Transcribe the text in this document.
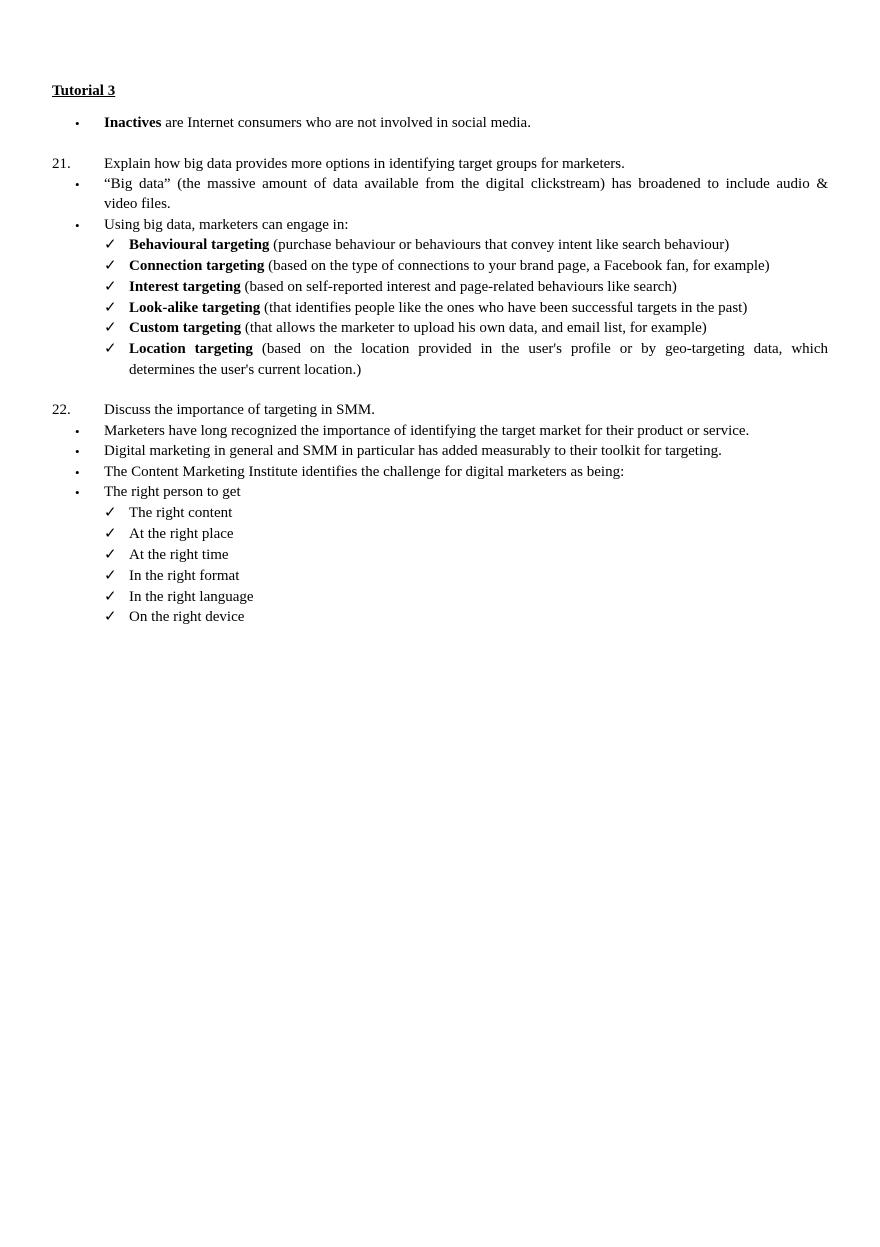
Tutorial 3
• Inactives are Internet consumers who are not involved in social media.
21. Explain how big data provides more options in identifying target groups for marketers.
• “Big data” (the massive amount of data available from the digital clickstream) has broadened to include audio &
video files.
• Using big data, marketers can engage in:
✓ Behavioural targeting (purchase behaviour or behaviours that convey intent like search behaviour)
✓ Connection targeting (based on the type of connections to your brand page, a Facebook fan, for example)
✓ Interest targeting (based on self-reported interest and page-related behaviours like search)
✓ Look-alike targeting (that identifies people like the ones who have been successful targets in the past)
✓ Custom targeting (that allows the marketer to upload his own data, and email list, for example)
✓ Location targeting (based on the location provided in the user's profile or by geo-targeting data, which
determines the user's current location.)
22. Discuss the importance of targeting in SMM.
• Marketers have long recognized the importance of identifying the target market for their product or service.
• Digital marketing in general and SMM in particular has added measurably to their toolkit for targeting.
• The Content Marketing Institute identifies the challenge for digital marketers as being:
• The right person to get
✓ The right content
✓ At the right place
✓ At the right time
✓ In the right format
✓ In the right language
✓ On the right device
